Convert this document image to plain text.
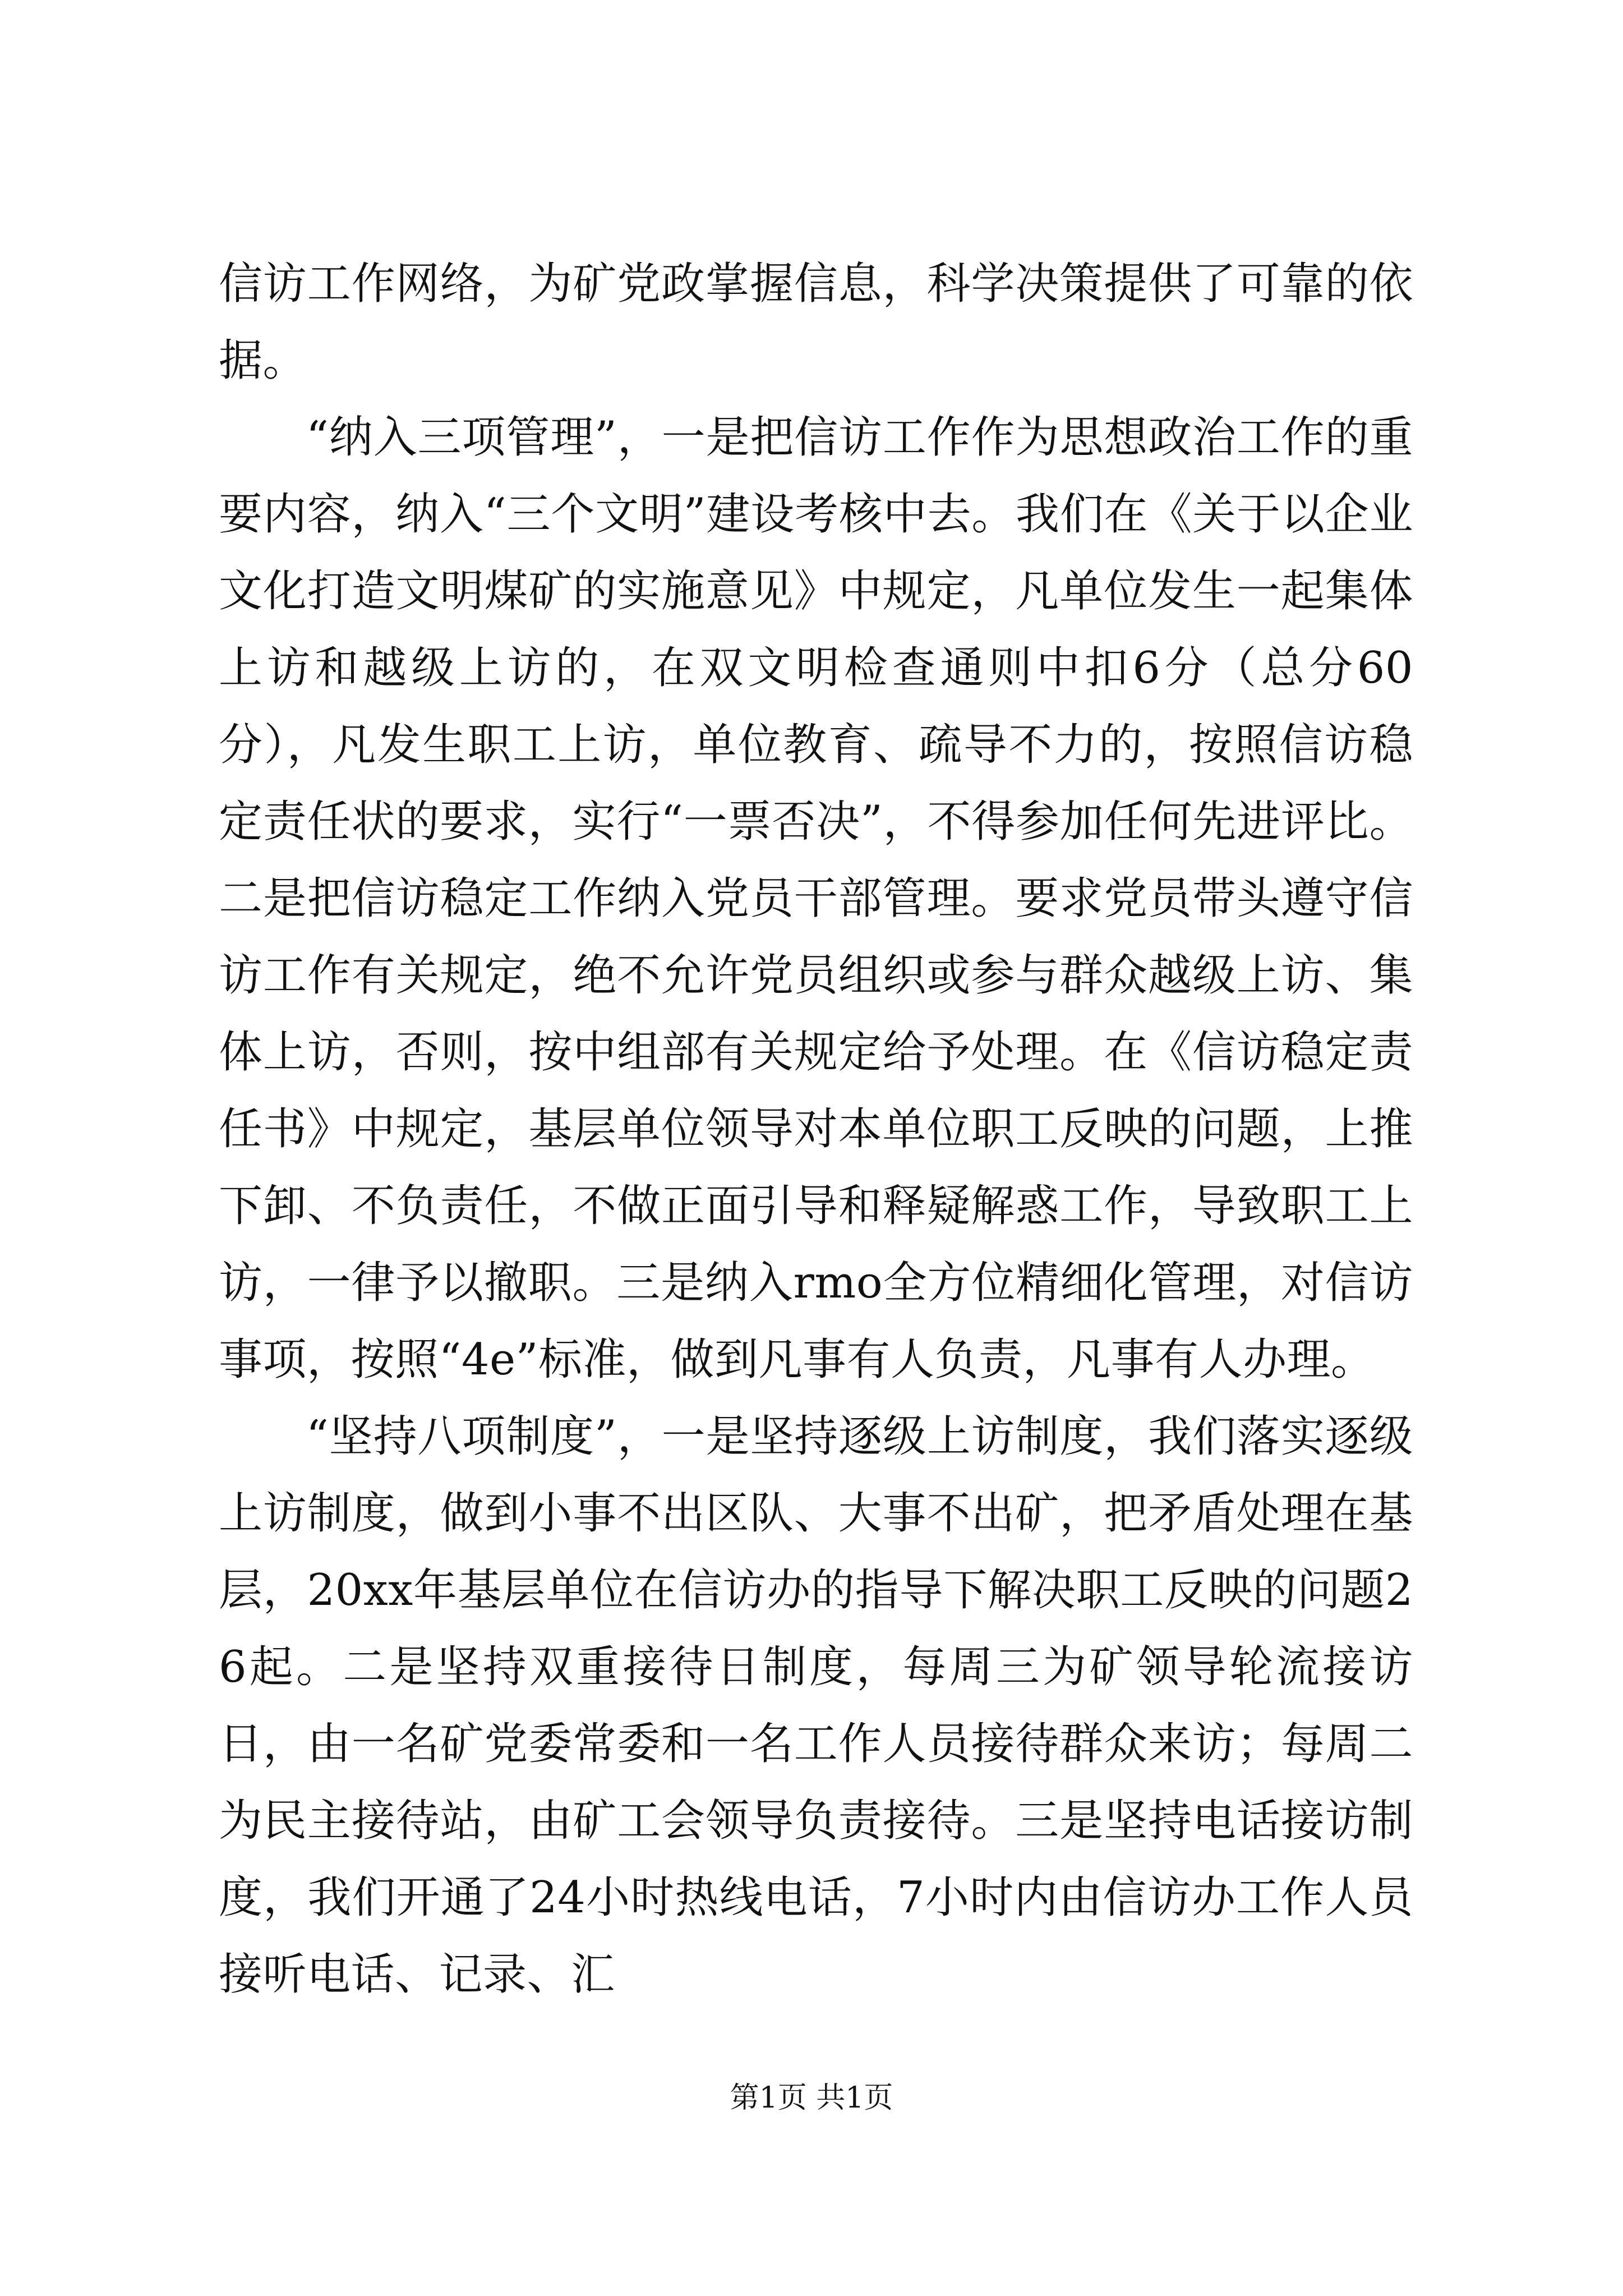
信访工作网络，为矿党政掌握信息，科学决策提供了可靠的依据。

“纳入三项管理”，一是把信访工作作为思想政治工作的重要内容，纳入“三个文明”建设考核中去。我们在《关于以企业文化打造文明煤矿的实施意见》中规定，凡单位发生一起集体上访和越级上访的，在双文明检查通则中扣6分（总分60分），凡发生职工上访，单位教育、疏导不力的，按照信访稳定责任状的要求，实行“一票否决”，不得参加任何先进评比。二是把信访稳定工作纳入党员干部管理。要求党员带头遵守信访工作有关规定，绝不允许党员组织或参与群众越级上访、集体上访，否则，按中组部有关规定给予处理。在《信访稳定责任书》中规定，基层单位领导对本单位职工反映的问题，上推下卸、不负责任，不做正面引导和释疑解惑工作，导致职工上访，一律予以撤职。三是纳入rmo全方位精细化管理，对信访事项，按照“4e”标准，做到凡事有人负责，凡事有人办理。

“坚持八项制度”，一是坚持逐级上访制度，我们落实逐级上访制度，做到小事不出区队、大事不出矿，把矛盾处理在基层，20xx年基层单位在信访办的指导下解决职工反映的问题26起。二是坚持双重接待日制度，每周三为矿领导轮流接访日，由一名矿党委常委和一名工作人员接待群众来访；每周二为民主接待站，由矿工会领导负责接待。三是坚持电话接访制度，我们开通了24小时热线电话，7小时内由信访办工作人员接听电话、记录、汇

第1页 共1页
